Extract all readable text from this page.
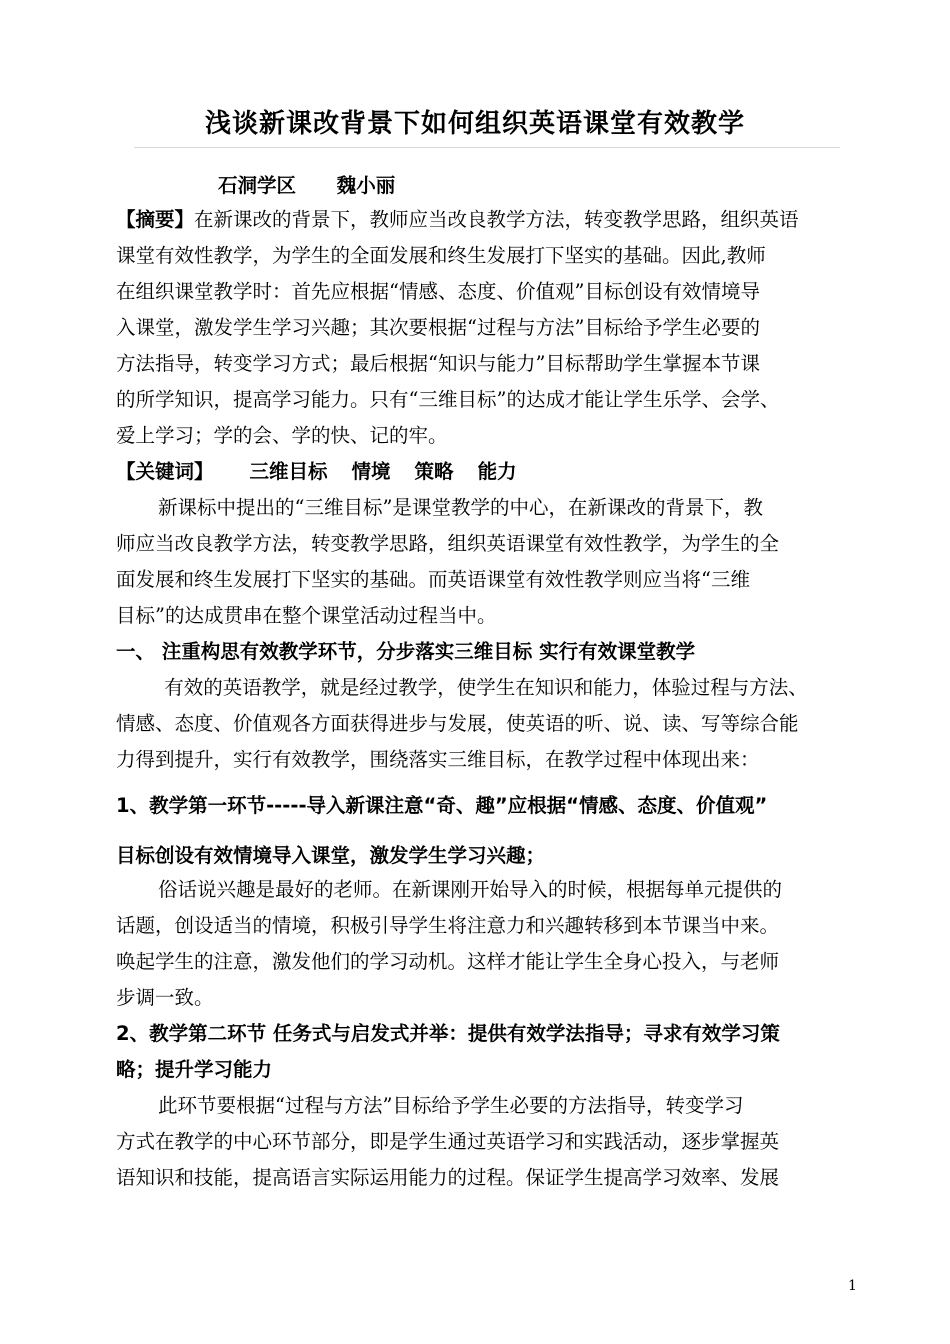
浅谈新课改背景下如何组织英语课堂有效教学
石洞学区      魏小丽
【摘要】在新课改的背景下，教师应当改良教学方法，转变教学思路，组织英语
课堂有效性教学，为学生的全面发展和终生发展打下坚实的基础。因此,教师
在组织课堂教学时：首先应根据“情感、态度、价值观”目标创设有效情境导
入课堂，激发学生学习兴趣；其次要根据“过程与方法”目标给予学生必要的
方法指导，转变学习方式；最后根据“知识与能力”目标帮助学生掌握本节课
的所学知识，提高学习能力。只有“三维目标”的达成才能让学生乐学、会学、
爱上学习；学的会、学的快、记的牢。
【关键词】 三维目标 情境 策略 能力
新课标中提出的“三维目标”是课堂教学的中心，在新课改的背景下，教
师应当改良教学方法，转变教学思路，组织英语课堂有效性教学，为学生的全
面发展和终生发展打下坚实的基础。而英语课堂有效性教学则应当将“三维
目标”的达成贯串在整个课堂活动过程当中。
一、 注重构思有效教学环节，分步落实三维目标 实行有效课堂教学
有效的英语教学，就是经过教学，使学生在知识和能力，体验过程与方法、
情感、态度、价值观各方面获得进步与发展，使英语的听、说、读、写等综合能
力得到提升，实行有效教学，围绕落实三维目标，在教学过程中体现出来：
1、教学第一环节-----导入新课注意“奇、趣”应根据“情感、态度、价值观”
目标创设有效情境导入课堂，激发学生学习兴趣；
俗话说兴趣是最好的老师。在新课刚开始导入的时候，根据每单元提供的
话题，创设适当的情境，积极引导学生将注意力和兴趣转移到本节课当中来。
唤起学生的注意，激发他们的学习动机。这样才能让学生全身心投入，与老师
步调一致。
2、教学第二环节 任务式与启发式并举：提供有效学法指导；寻求有效学习策
略；提升学习能力
此环节要根据“过程与方法”目标给予学生必要的方法指导，转变学习
方式在教学的中心环节部分，即是学生通过英语学习和实践活动，逐步掌握英
语知识和技能，提高语言实际运用能力的过程。保证学生提高学习效率、发展
1
